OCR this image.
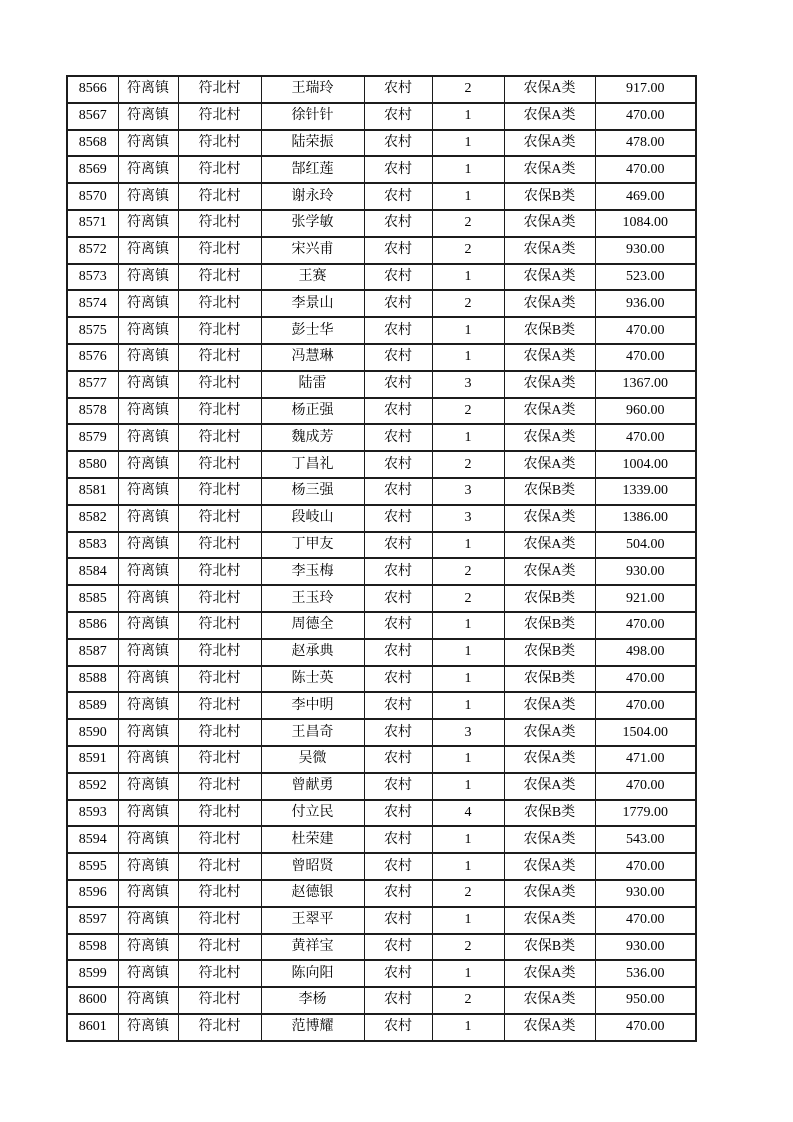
8566	符离镇	符北村	王瑞玲	农村	2	农保A类	917.00
8567	符离镇	符北村	徐针针	农村	1	农保A类	470.00
8568	符离镇	符北村	陆荣振	农村	1	农保A类	478.00
8569	符离镇	符北村	郜红莲	农村	1	农保A类	470.00
8570	符离镇	符北村	谢永玲	农村	1	农保B类	469.00
8571	符离镇	符北村	张学敏	农村	2	农保A类	1084.00
8572	符离镇	符北村	宋兴甫	农村	2	农保A类	930.00
8573	符离镇	符北村	王赛	农村	1	农保A类	523.00
8574	符离镇	符北村	李景山	农村	2	农保A类	936.00
8575	符离镇	符北村	彭士华	农村	1	农保B类	470.00
8576	符离镇	符北村	冯慧琳	农村	1	农保A类	470.00
8577	符离镇	符北村	陆雷	农村	3	农保A类	1367.00
8578	符离镇	符北村	杨正强	农村	2	农保A类	960.00
8579	符离镇	符北村	魏成芳	农村	1	农保A类	470.00
8580	符离镇	符北村	丁昌礼	农村	2	农保A类	1004.00
8581	符离镇	符北村	杨三强	农村	3	农保B类	1339.00
8582	符离镇	符北村	段岐山	农村	3	农保A类	1386.00
8583	符离镇	符北村	丁甲友	农村	1	农保A类	504.00
8584	符离镇	符北村	李玉梅	农村	2	农保A类	930.00
8585	符离镇	符北村	王玉玲	农村	2	农保B类	921.00
8586	符离镇	符北村	周德全	农村	1	农保B类	470.00
8587	符离镇	符北村	赵承典	农村	1	农保B类	498.00
8588	符离镇	符北村	陈士英	农村	1	农保B类	470.00
8589	符离镇	符北村	李中明	农村	1	农保A类	470.00
8590	符离镇	符北村	王昌奇	农村	3	农保A类	1504.00
8591	符离镇	符北村	吴微	农村	1	农保A类	471.00
8592	符离镇	符北村	曾献勇	农村	1	农保A类	470.00
8593	符离镇	符北村	付立民	农村	4	农保B类	1779.00
8594	符离镇	符北村	杜荣建	农村	1	农保A类	543.00
8595	符离镇	符北村	曾昭贤	农村	1	农保A类	470.00
8596	符离镇	符北村	赵德银	农村	2	农保A类	930.00
8597	符离镇	符北村	王翠平	农村	1	农保A类	470.00
8598	符离镇	符北村	黄祥宝	农村	2	农保B类	930.00
8599	符离镇	符北村	陈向阳	农村	1	农保A类	536.00
8600	符离镇	符北村	李杨	农村	2	农保A类	950.00
8601	符离镇	符北村	范博耀	农村	1	农保A类	470.00
